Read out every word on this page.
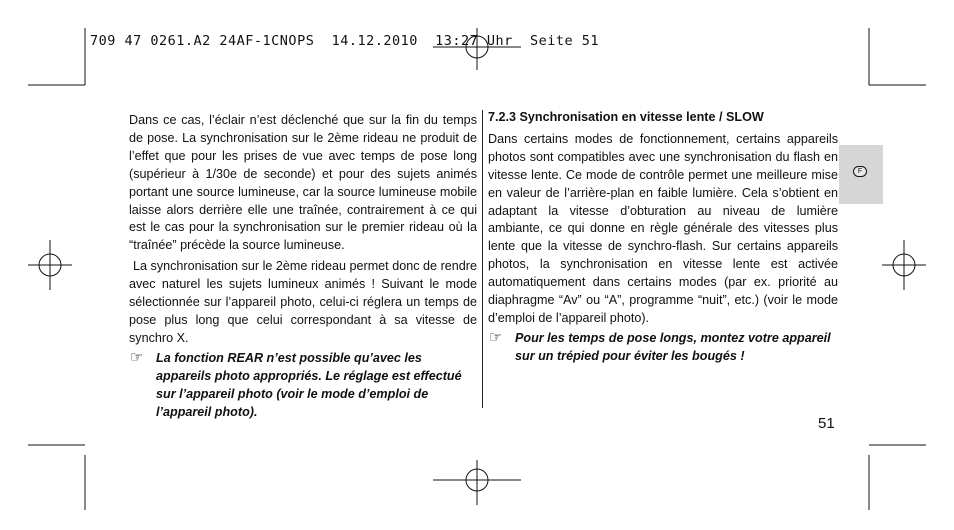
709 47 0261.A2 24AF-1CNOPS  14.12.2010  13:27 Uhr  Seite 51

Dans ce cas, l’éclair n’est déclenché que sur la fin du temps de pose. La synchronisation sur le 2ème rideau ne produit de l’effet que pour les prises de vue avec temps de pose long (supérieur à 1/30e de seconde) et pour des sujets animés portant une source lumineuse, car la source lumineuse mobile laisse alors derrière elle une traînée, contrairement à ce qui est le cas pour la synchronisation sur le premier rideau où la “traînée” précède la source lumineuse.

La synchronisation sur le 2ème rideau permet donc de rendre avec naturel les sujets lumineux animés ! Suivant le mode sélectionnée sur l’appareil photo, celui-ci réglera un temps de pose plus long que celui correspondant à sa vitesse de synchro X.

☞ La fonction REAR n’est possible qu’avec les appareils photo appropriés. Le réglage est effectué sur l’appareil photo (voir le mode d’emploi de l’appareil photo).

7.2.3 Synchronisation en vitesse lente / SLOW

Dans certains modes de fonctionnement, certains appareils photos sont compatibles avec une synchronisation du flash en vitesse lente. Ce mode de contrôle permet une meilleure mise en valeur de l’arrière-plan en faible lumière. Cela s’obtient en adaptant la vitesse d’obturation au niveau de lumière ambiante, ce qui donne en règle générale des vitesses plus lente que la vitesse de synchro-flash. Sur certains appareils photos, la synchronisation en vitesse lente est activée automatiquement dans certains modes (par ex. priorité au diaphragme “Av” ou “A”, programme “nuit”, etc.) (voir le mode d’emploi de l’appareil photo).

☞ Pour les temps de pose longs, montez votre appareil sur un trépied pour éviter les bougés !

F
51
